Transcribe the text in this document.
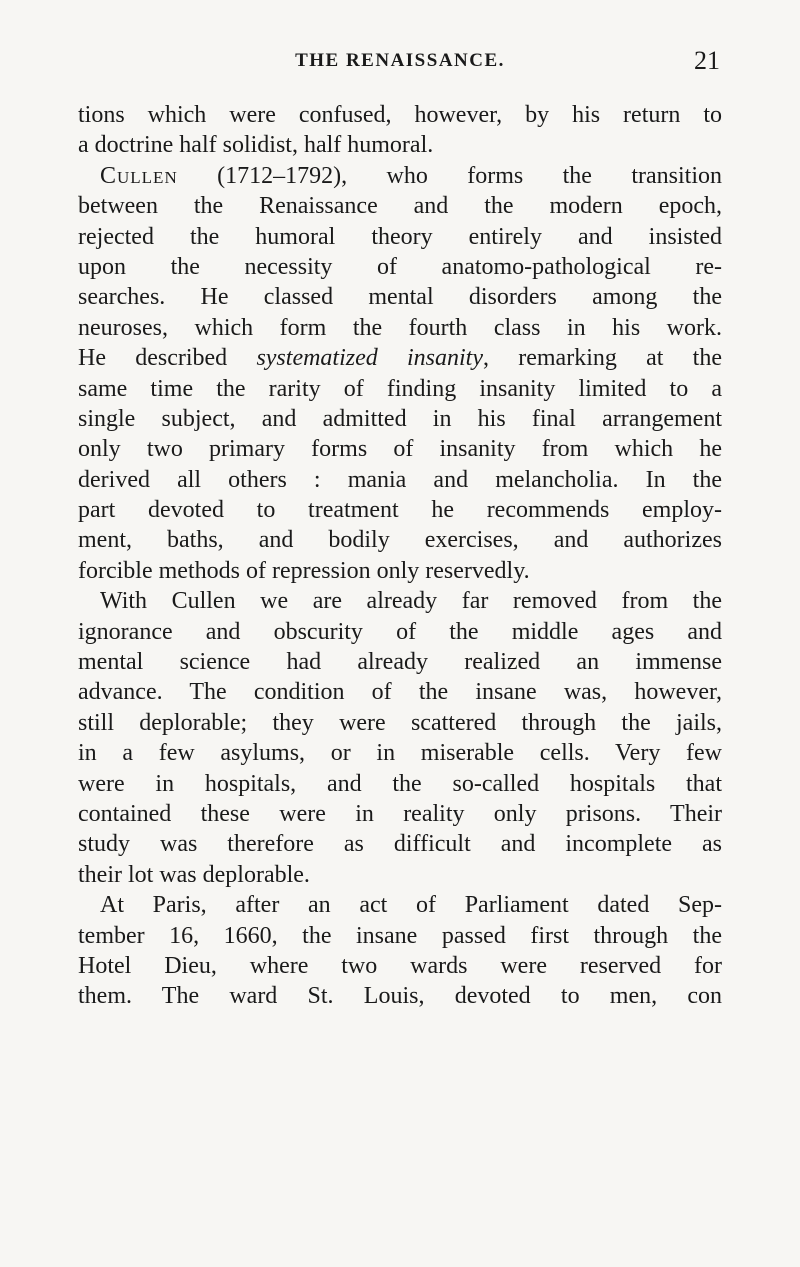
THE RENAISSANCE.	21
tions which were confused, however, by his return to
a doctrine half solidist, half humoral.
Cullen (1712–1792), who forms the transition
between the Renaissance and the modern epoch,
rejected the humoral theory entirely and insisted
upon the necessity of anatomo-pathological re-
searches. He classed mental disorders among the
neuroses, which form the fourth class in his work.
He described systematized insanity, remarking at the
same time the rarity of finding insanity limited to a
single subject, and admitted in his final arrangement
only two primary forms of insanity from which he
derived all others : mania and melancholia. In the
part devoted to treatment he recommends employ-
ment, baths, and bodily exercises, and authorizes
forcible methods of repression only reservedly.
With Cullen we are already far removed from the
ignorance and obscurity of the middle ages and
mental science had already realized an immense
advance. The condition of the insane was, however,
still deplorable; they were scattered through the jails,
in a few asylums, or in miserable cells. Very few
were in hospitals, and the so-called hospitals that
contained these were in reality only prisons. Their
study was therefore as difficult and incomplete as
their lot was deplorable.
At Paris, after an act of Parliament dated Sep-
tember 16, 1660, the insane passed first through the
Hotel Dieu, where two wards were reserved for
them. The ward St. Louis, devoted to men, con
